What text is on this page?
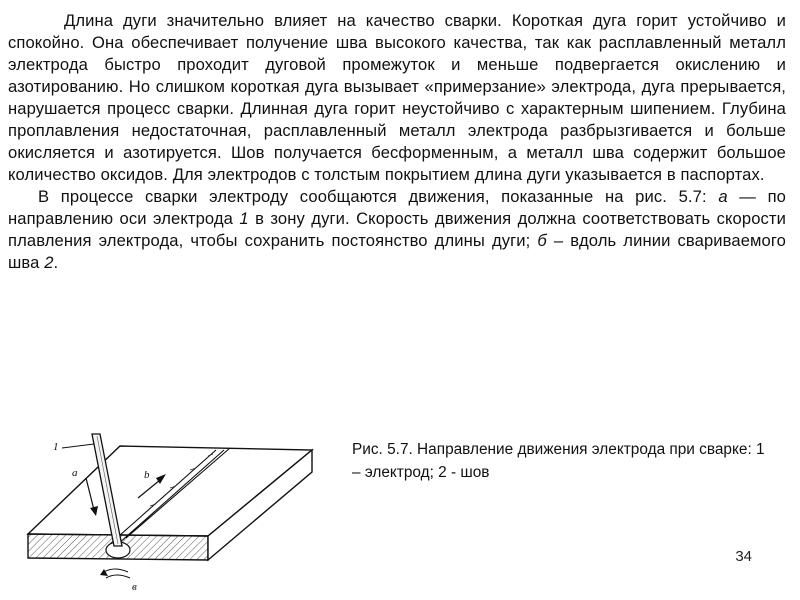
Длина дуги значительно влияет на качество сварки. Короткая дуга горит устойчиво и спокойно. Она обеспечивает получение шва высокого качества, так как расплавленный металл электрода быстро проходит дуговой промежуток и меньше подвергается окислению и азотированию. Но слишком короткая дуга вызывает «примерзание» электрода, дуга прерывается, нарушается процесс сварки. Длинная дуга горит неустойчиво с характерным шипением. Глубина проплавления недостаточная, расплавленный металл электрода разбрызгивается и больше окисляется и азотируется. Шов получается бесформенным, а металл шва содержит большое количество оксидов. Для электродов с толстым покрытием длина дуги указывается в паспортах.

В процессе сварки электроду сообщаются движения, показанные на рис. 5.7: а — по направлению оси электрода 1 в зону дуги. Скорость движения должна соответствовать скорости плавления электрода, чтобы сохранить постоянство длины дуги; б – вдоль линии свариваемого шва 2.

1
а	b
в
Рис. 5.7. Направление движения электрода при сварке: 1 – электрод; 2 - шов
34
